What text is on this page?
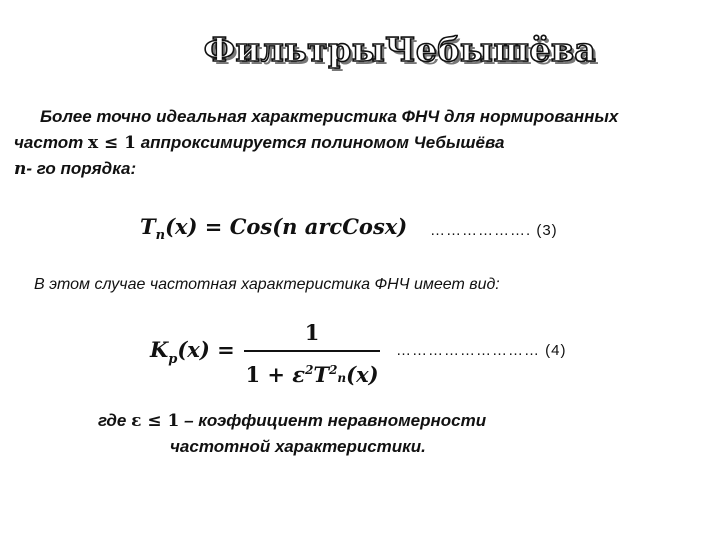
ФильтрыЧебышёва
Более точно идеальная характеристика ФНЧ для нормированных
частот x ≤ 1 аппроксимируется полиномом Чебышёва
n- го порядка:
$T_n(x) = Cos(n$ arcCosx) ………………. (3)
В этом случае частотная характеристика ФНЧ имеет вид:
$K_p(x)$ =
1
$1 + \varepsilon^2T^2n(x)$
……………………… (4)
где ε ≤ 1 – коэффициент неравномерности
частотной характеристики.
